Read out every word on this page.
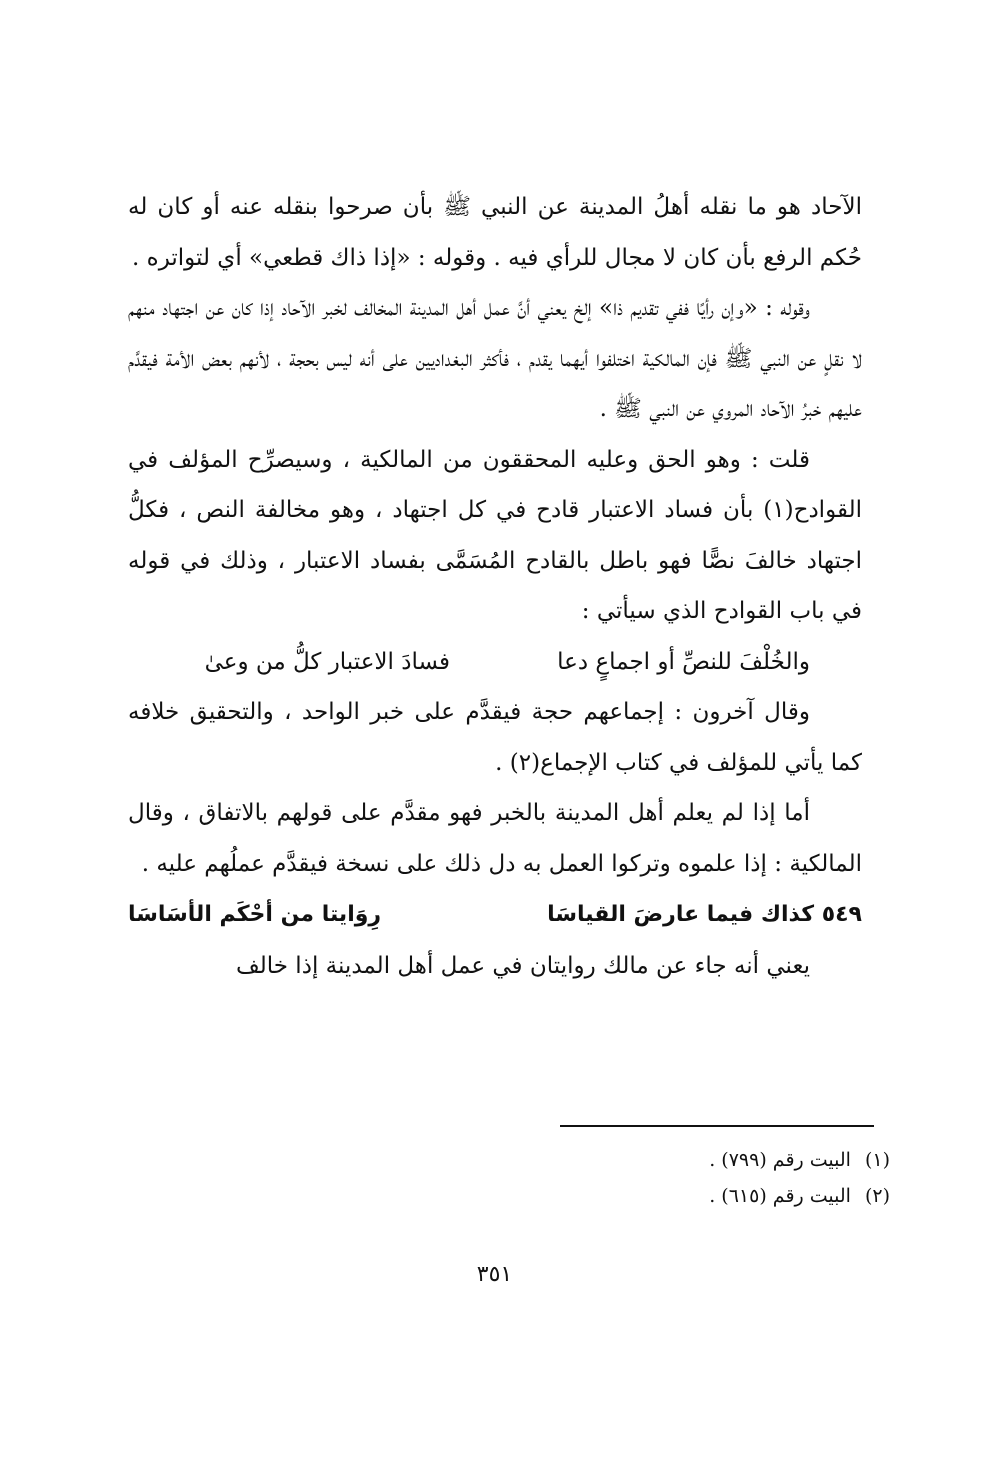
الآحاد هو ما نقله أهلُ المدينة عن النبي ﷺ بأن صرحوا بنقله عنه أو كان له حُكم الرفع بأن كان لا مجال للرأي فيه . وقوله : «إذا ذاك قطعي» أي لتواتره .

وقوله : «وإن رأيًا ففي تقديم ذا» إلخ يعني أنَّ عمل أهل المدينة المخالف لخبر الآحاد إذا كان عن اجتهاد منهم لا نقلٍ عن النبي ﷺ فإن المالكية اختلفوا أيهما يقدم ، فأكثر البغداديين على أنه ليس بحجة ، لأنهم بعض الأمة فيقدَّم عليهم خبرُ الآحاد المروي عن النبي ﷺ .

قلت : وهو الحق وعليه المحققون من المالكية ، وسيصرِّح المؤلف في القوادح(١) بأن فساد الاعتبار قادح في كل اجتهاد ، وهو مخالفة النص ، فكلُّ اجتهاد خالفَ نصًّا فهو باطل بالقادح المُسَمَّى بفساد الاعتبار ، وذلك في قوله في باب القوادح الذي سيأتي :

والخُلْفَ للنصِّ أو اجماعٍ دعا
فسادَ الاعتبار كلُّ من وعىٰ

وقال آخرون : إجماعهم حجة فيقدَّم على خبر الواحد ، والتحقيق خلافه كما يأتي للمؤلف في كتاب الإجماع(٢) .

أما إذا لم يعلم أهل المدينة بالخبر فهو مقدَّم على قولهم بالاتفاق ، وقال المالكية : إذا علموه وتركوا العمل به دل ذلك على نسخة فيقدَّم عملُهم عليه .

٥٤٩ كذاك فيما عارضَ القياسَا
رِوَايتا من أحْكَم الأسَاسَا

يعني أنه جاء عن مالك روايتان في عمل أهل المدينة إذا خالف

(١)
البيت رقم (٧٩٩) .
(٢)
البيت رقم (٦١٥) .
٣٥١
